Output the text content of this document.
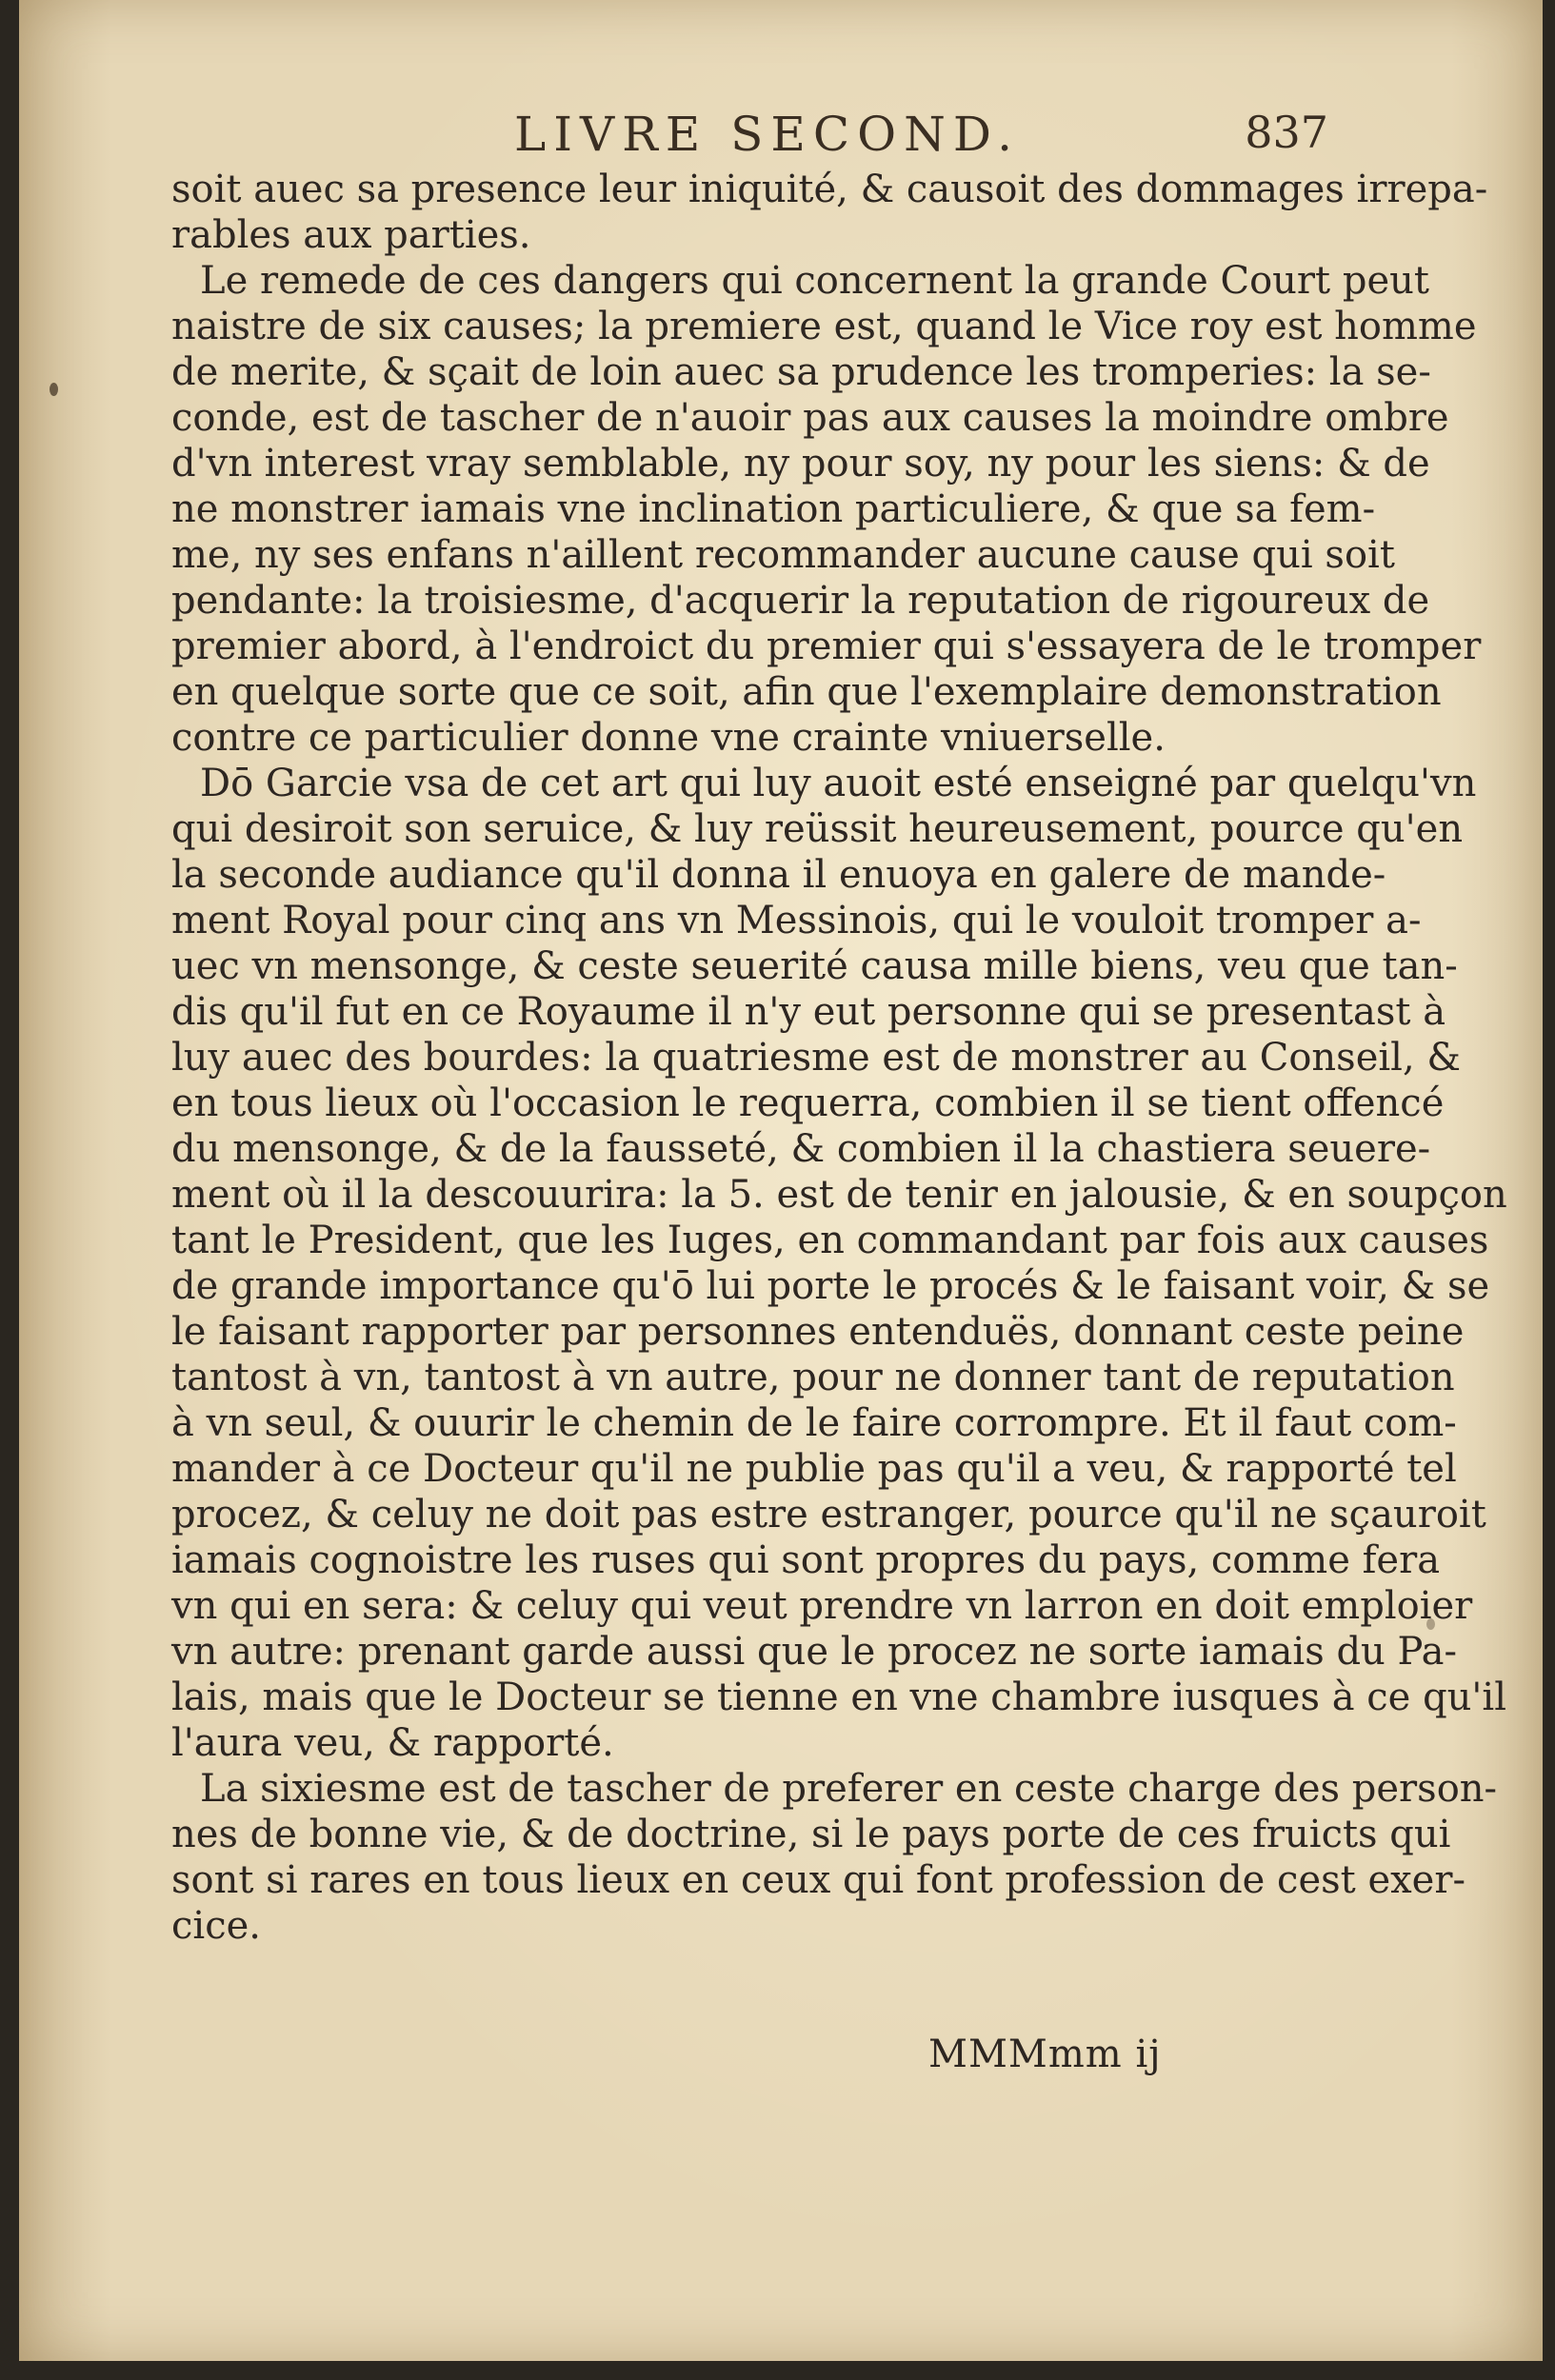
LIVRE SECOND.	837
soit auec sa presence leur iniquité, & causoit des dommages irrepa-
rables aux parties.
Le remede de ces dangers qui concernent la grande Court peut
naistre de six causes; la premiere est, quand le Vice roy est homme
de merite, & sçait de loin auec sa prudence les tromperies: la se-
conde, est de tascher de n'auoir pas aux causes la moindre ombre
d'vn interest vray semblable, ny pour soy, ny pour les siens: & de
ne monstrer iamais vne inclination particuliere, & que sa fem-
me, ny ses enfans n'aillent recommander aucune cause qui soit
pendante: la troisiesme, d'acquerir la reputation de rigoureux de
premier abord, à l'endroict du premier qui s'essayera de le tromper
en quelque sorte que ce soit, afin que l'exemplaire demonstration
contre ce particulier donne vne crainte vniuerselle.
Dō Garcie vsa de cet art qui luy auoit esté enseigné par quelqu'vn
qui desiroit son seruice, & luy reüssit heureusement, pource qu'en
la seconde audiance qu'il donna il enuoya en galere de mande-
ment Royal pour cinq ans vn Messinois, qui le vouloit tromper a-
uec vn mensonge, & ceste seuerité causa mille biens, veu que tan-
dis qu'il fut en ce Royaume il n'y eut personne qui se presentast à
luy auec des bourdes: la quatriesme est de monstrer au Conseil, &
en tous lieux où l'occasion le requerra, combien il se tient offencé
du mensonge, & de la fausseté, & combien il la chastiera seuere-
ment où il la descouurira: la 5. est de tenir en jalousie, & en soupçon
tant le President, que les Iuges, en commandant par fois aux causes
de grande importance qu'ō lui porte le procés & le faisant voir, & se
le faisant rapporter par personnes entenduës, donnant ceste peine
tantost à vn, tantost à vn autre, pour ne donner tant de reputation
à vn seul, & ouurir le chemin de le faire corrompre. Et il faut com-
mander à ce Docteur qu'il ne publie pas qu'il a veu, & rapporté tel
procez, & celuy ne doit pas estre estranger, pource qu'il ne sçauroit
iamais cognoistre les ruses qui sont propres du pays, comme fera
vn qui en sera: & celuy qui veut prendre vn larron en doit emploier
vn autre: prenant garde aussi que le procez ne sorte iamais du Pa-
lais, mais que le Docteur se tienne en vne chambre iusques à ce qu'il
l'aura veu, & rapporté.
La sixiesme est de tascher de preferer en ceste charge des person-
nes de bonne vie, & de doctrine, si le pays porte de ces fruicts qui
sont si rares en tous lieux en ceux qui font profession de cest exer-
cice.
MMMmm ij
